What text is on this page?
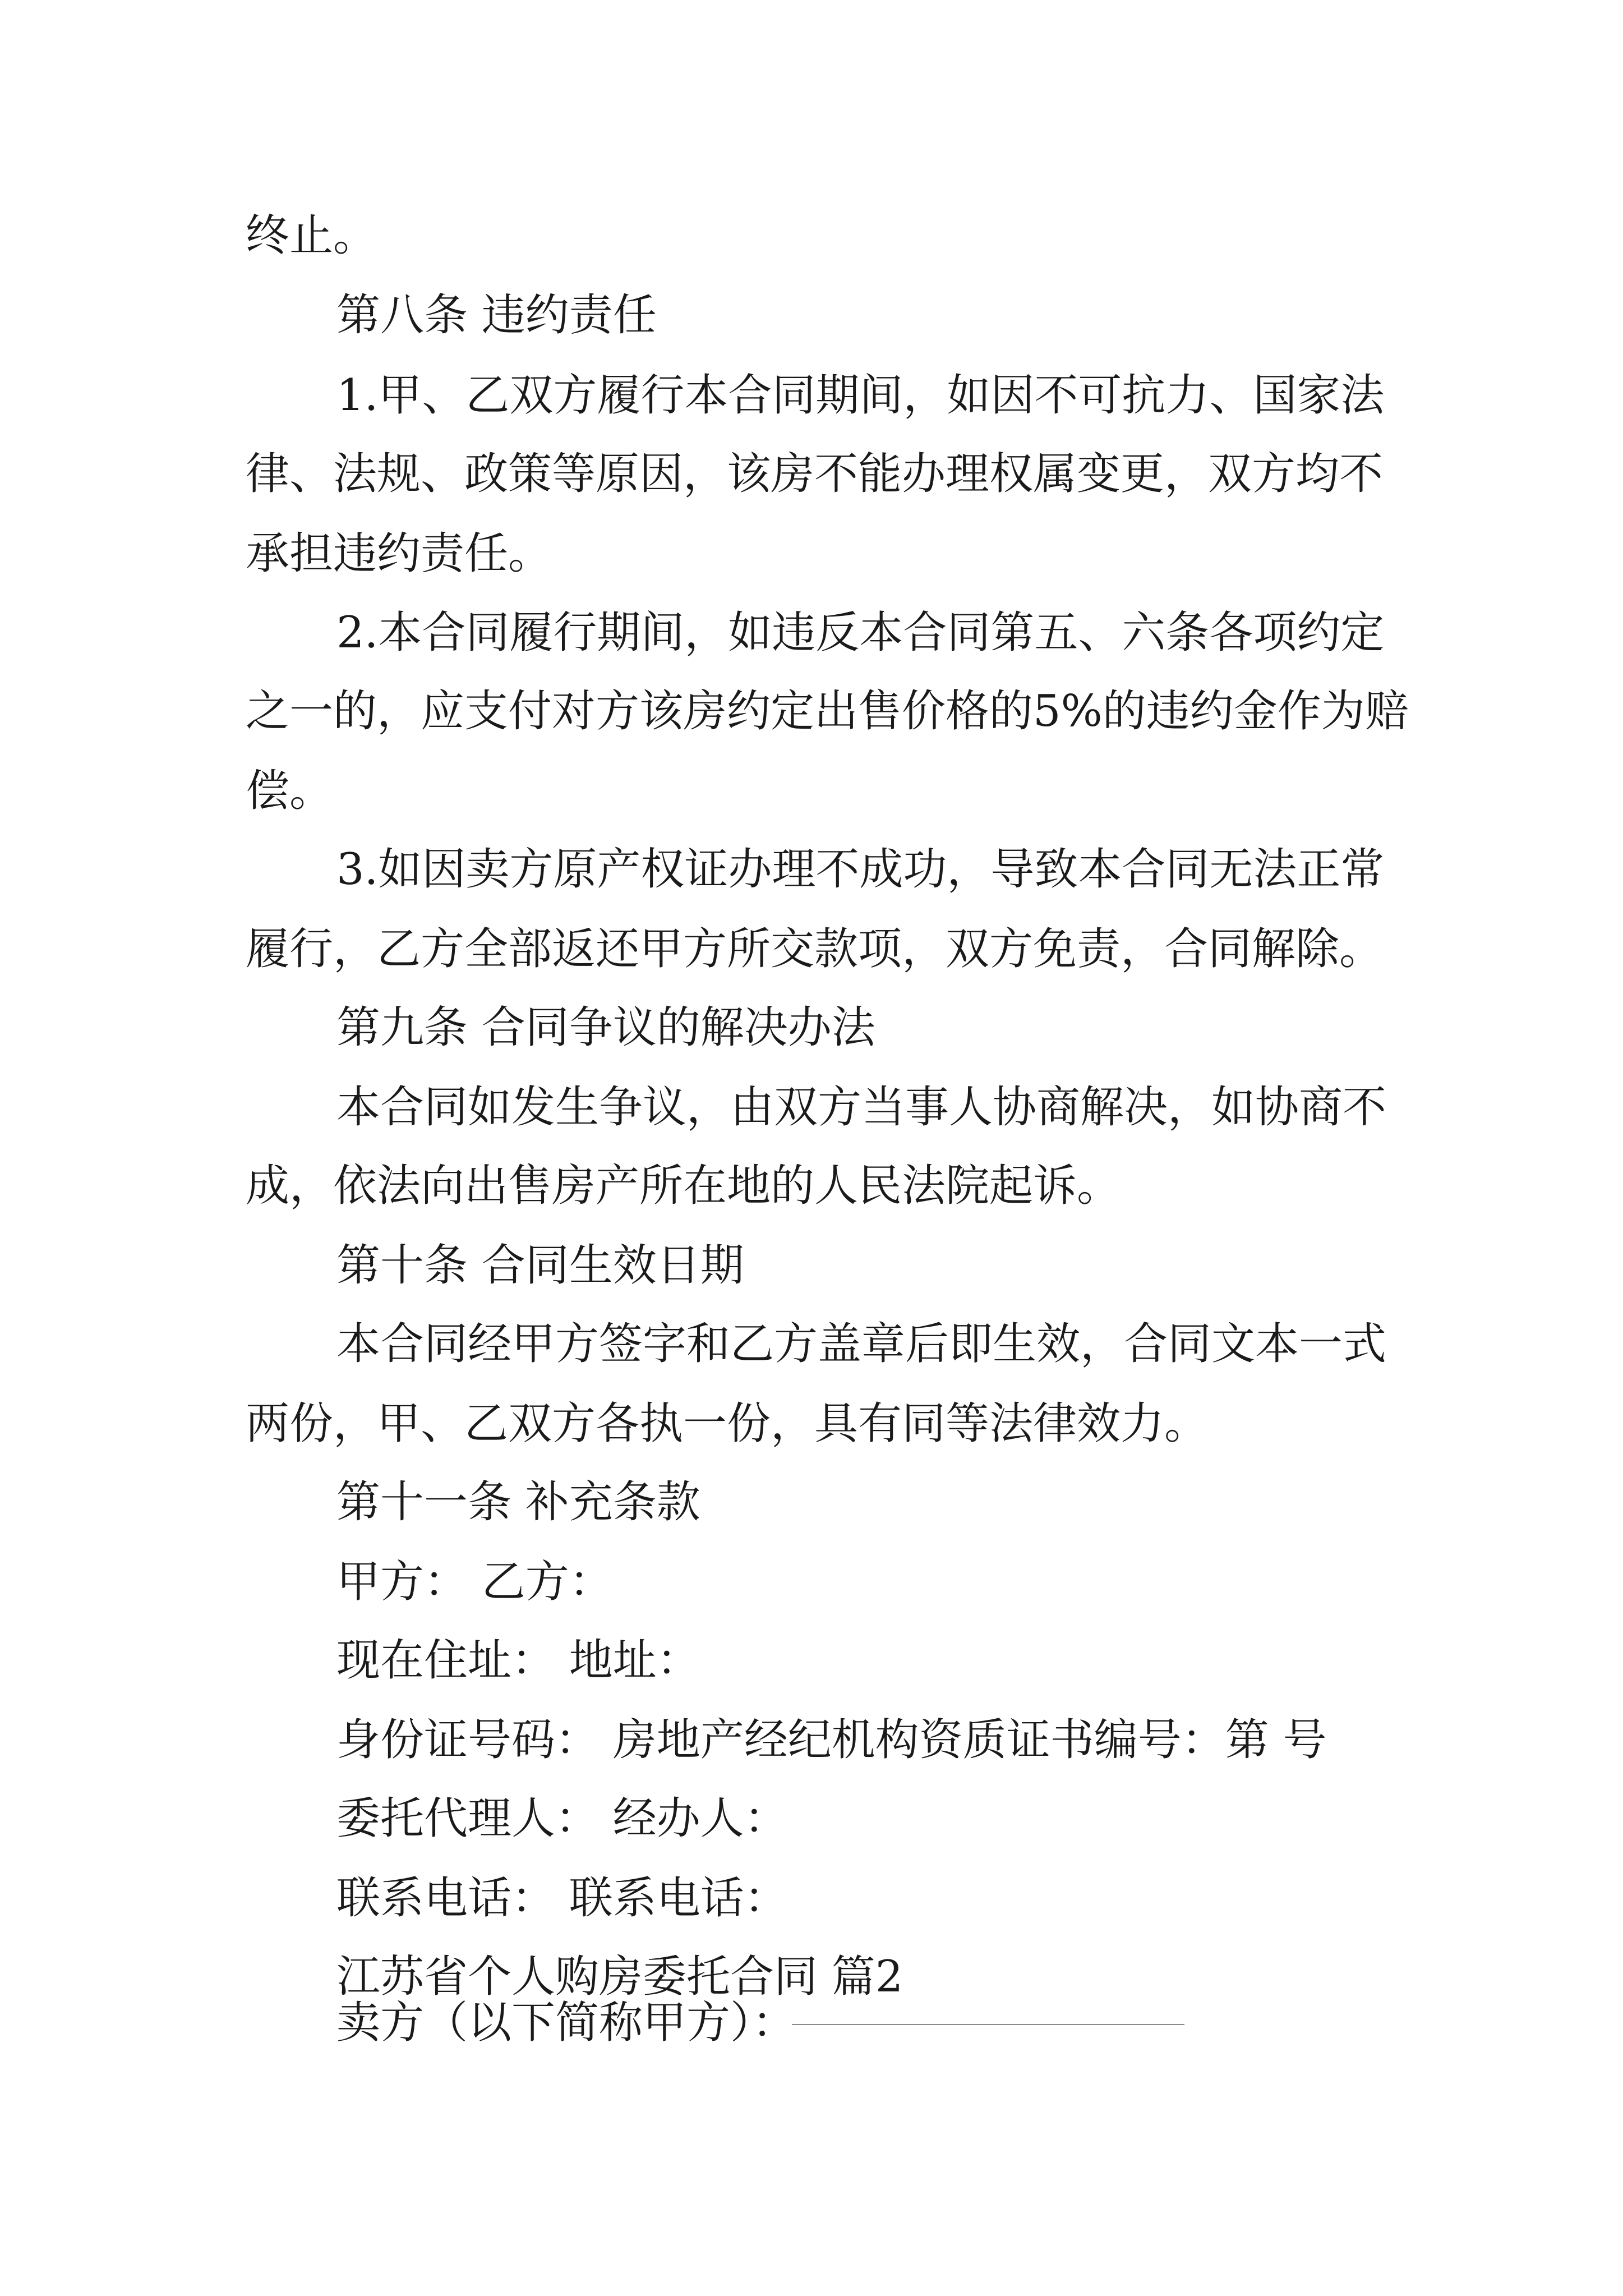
终止。
第八条 违约责任
1.甲、乙双方履行本合同期间，如因不可抗力、国家法
律、法规、政策等原因，该房不能办理权属变更，双方均不
承担违约责任。
2.本合同履行期间，如违反本合同第五、六条各项约定
之一的，应支付对方该房约定出售价格的5%的违约金作为赔
偿。
3.如因卖方原产权证办理不成功，导致本合同无法正常
履行，乙方全部返还甲方所交款项，双方免责，合同解除。
第九条 合同争议的解决办法
本合同如发生争议，由双方当事人协商解决，如协商不
成，依法向出售房产所在地的人民法院起诉。
第十条 合同生效日期
本合同经甲方签字和乙方盖章后即生效，合同文本一式
两份，甲、乙双方各执一份，具有同等法律效力。
第十一条 补充条款
甲方： 乙方：
现在住址： 地址：
身份证号码： 房地产经纪机构资质证书编号：第 号
委托代理人： 经办人：
联系电话： 联系电话：
江苏省个人购房委托合同 篇2
卖方（以下简称甲方）：
